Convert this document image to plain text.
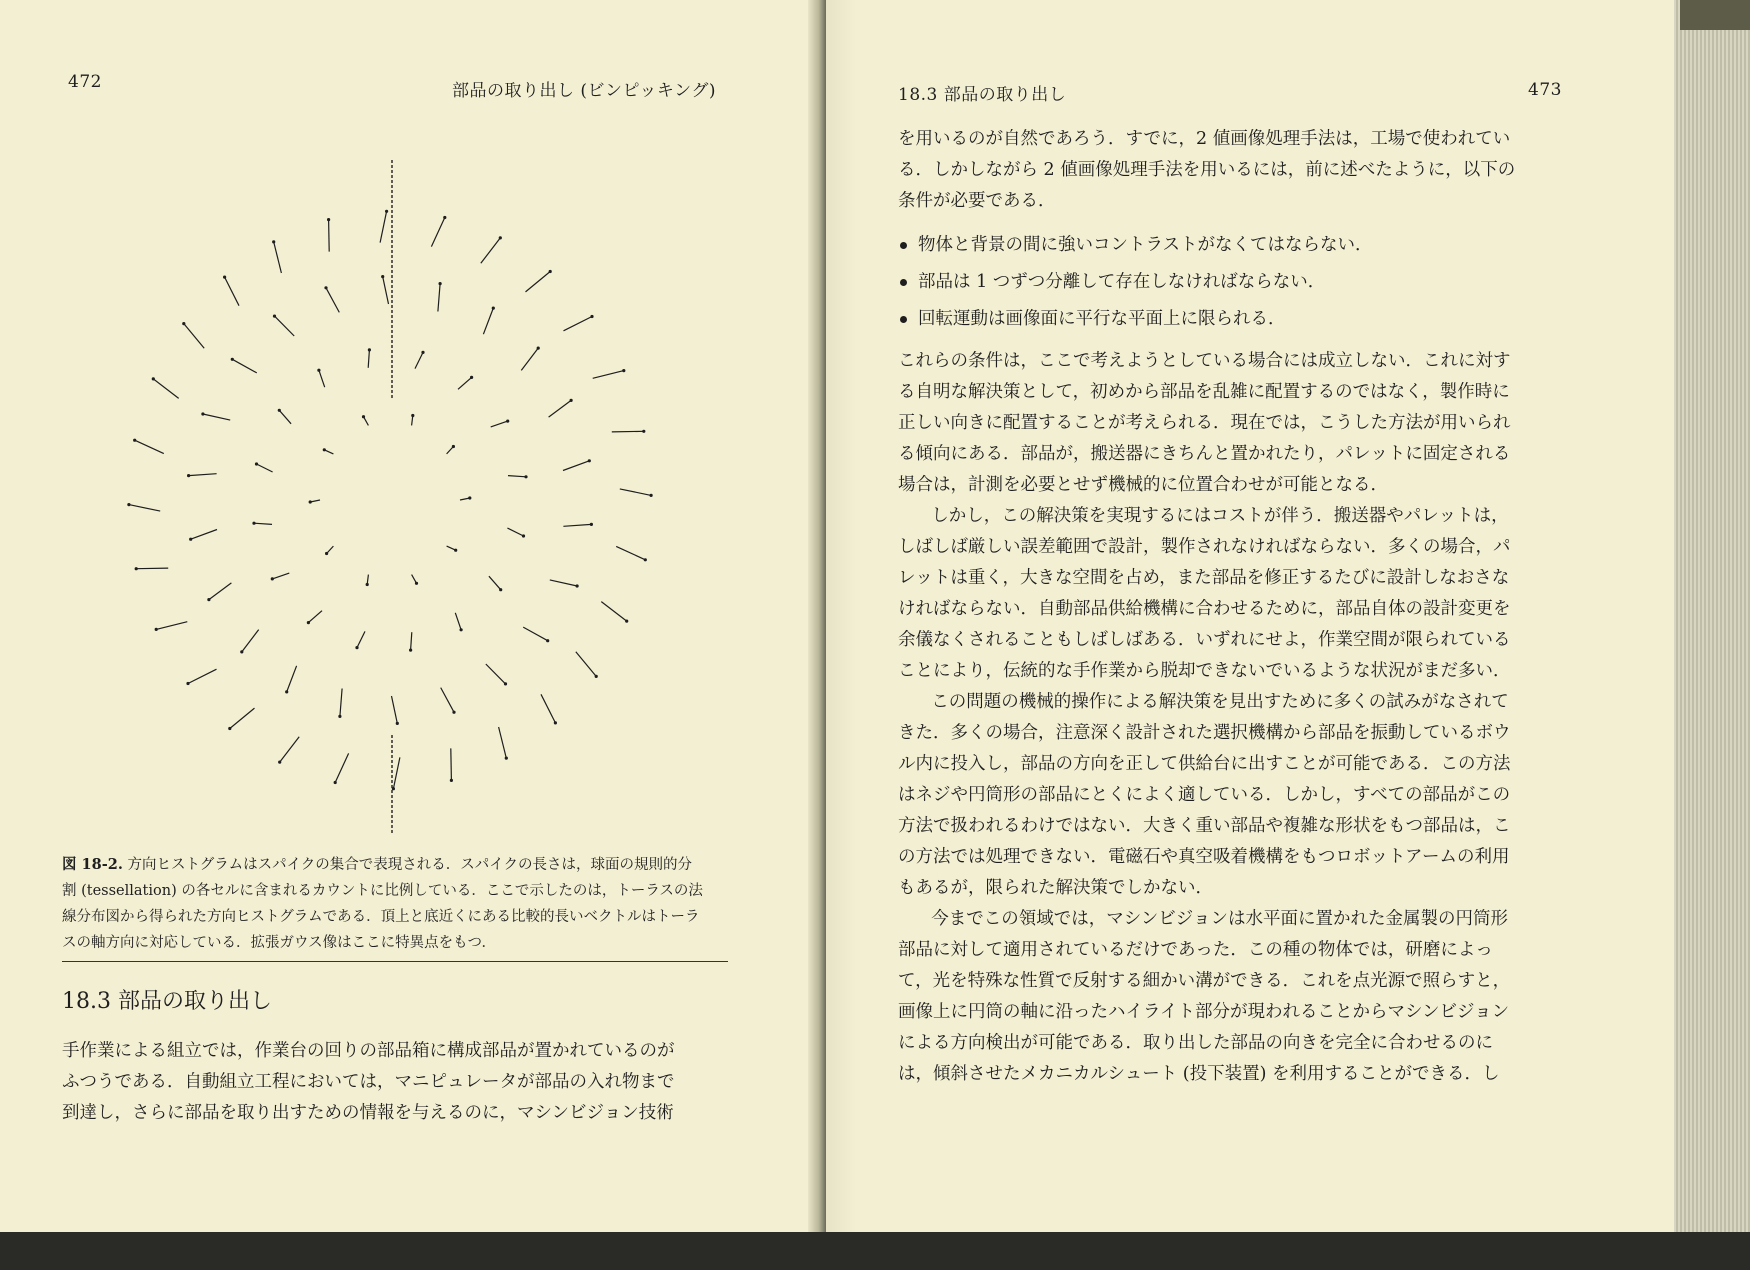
472	部品の取り出し (ビンピッキング)
図 18-2. 方向ヒストグラムはスパイクの集合で表現される．スパイクの長さは，球面の規則的分
割 (tessellation) の各セルに含まれるカウントに比例している．ここで示したのは，トーラスの法
線分布図から得られた方向ヒストグラムである．頂上と底近くにある比較的長いベクトルはトーラ
スの軸方向に対応している．拡張ガウス像はここに特異点をもつ．
18.3 部品の取り出し

手作業による組立では，作業台の回りの部品箱に構成部品が置かれているのが

ふつうである．自動組立工程においては，マニピュレータが部品の入れ物まで

到達し，さらに部品を取り出すための情報を与えるのに，マシンビジョン技術

18.3 部品の取り出し	473

を用いるのが自然であろう．すでに，2 値画像処理手法は，工場で使われてい

る．しかしながら 2 値画像処理手法を用いるには，前に述べたように，以下の

条件が必要である．

物体と背景の間に強いコントラストがなくてはならない．
部品は 1 つずつ分離して存在しなければならない．
回転運動は画像面に平行な平面上に限られる．

これらの条件は，ここで考えようとしている場合には成立しない．これに対す

る自明な解決策として，初めから部品を乱雑に配置するのではなく，製作時に

正しい向きに配置することが考えられる．現在では，こうした方法が用いられ

る傾向にある．部品が，搬送器にきちんと置かれたり，パレットに固定される

場合は，計測を必要とせず機械的に位置合わせが可能となる．

しかし，この解決策を実現するにはコストが伴う．搬送器やパレットは，

しばしば厳しい誤差範囲で設計，製作されなければならない．多くの場合，パ

レットは重く，大きな空間を占め，また部品を修正するたびに設計しなおさな

ければならない．自動部品供給機構に合わせるために，部品自体の設計変更を

余儀なくされることもしばしばある．いずれにせよ，作業空間が限られている

ことにより，伝統的な手作業から脱却できないでいるような状況がまだ多い．

この問題の機械的操作による解決策を見出すために多くの試みがなされて

きた．多くの場合，注意深く設計された選択機構から部品を振動しているボウ

ル内に投入し，部品の方向を正して供給台に出すことが可能である．この方法

はネジや円筒形の部品にとくによく適している．しかし，すべての部品がこの

方法で扱われるわけではない．大きく重い部品や複雑な形状をもつ部品は，こ

の方法では処理できない．電磁石や真空吸着機構をもつロボットアームの利用

もあるが，限られた解決策でしかない．

今までこの領域では，マシンビジョンは水平面に置かれた金属製の円筒形

部品に対して適用されているだけであった．この種の物体では，研磨によっ

て，光を特殊な性質で反射する細かい溝ができる．これを点光源で照らすと，

画像上に円筒の軸に沿ったハイライト部分が現われることからマシンビジョン

による方向検出が可能である．取り出した部品の向きを完全に合わせるのに

は，傾斜させたメカニカルシュート (投下装置) を利用することができる．し
